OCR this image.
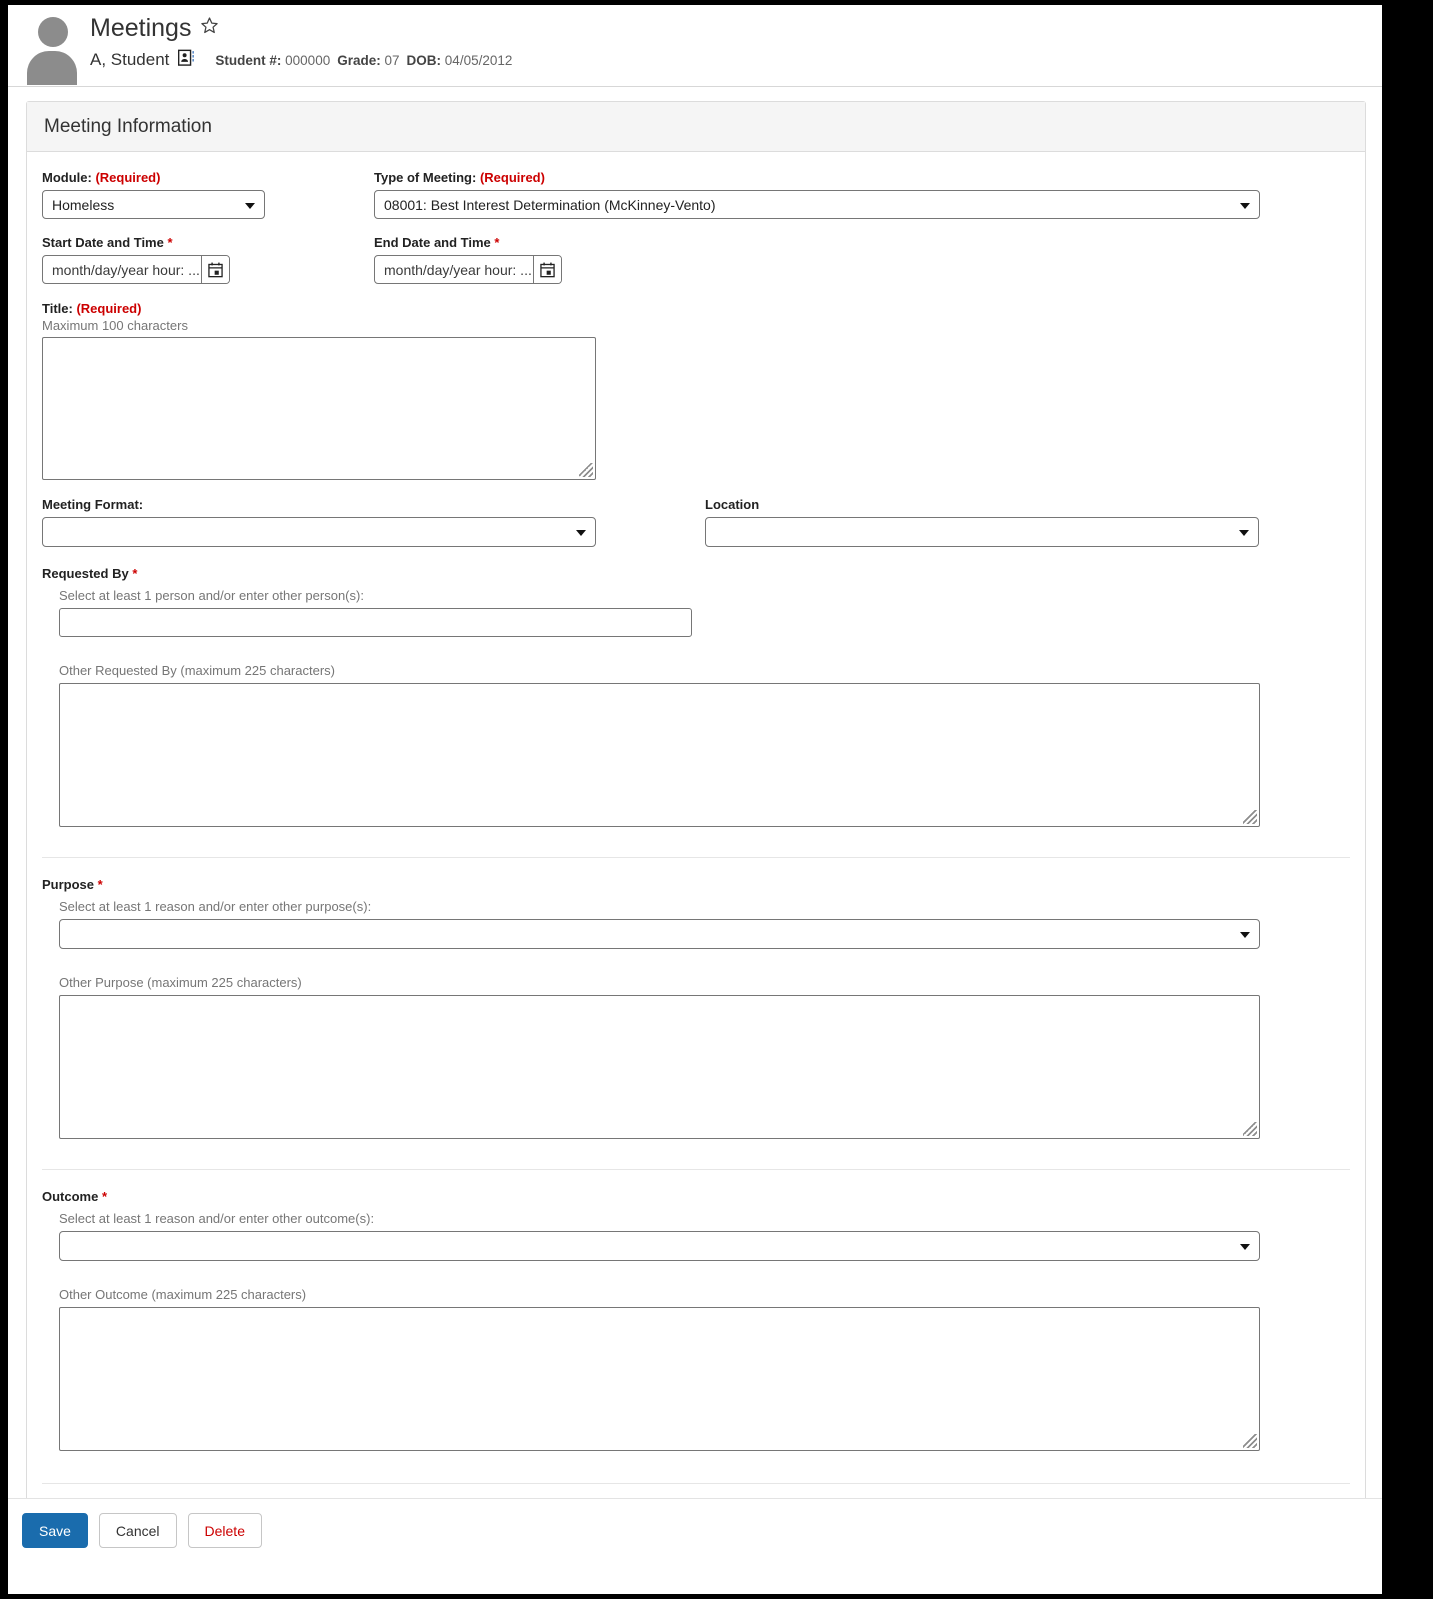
Meetings
A, Student	Student #: 000000 Grade: 07 DOB: 04/05/2012
Meeting Information
Module: (Required)
Homeless
Type of Meeting: (Required)
08001: Best Interest Determination (McKinney-Vento)
Start Date and Time *
month/day/year hour: ...
End Date and Time *
month/day/year hour: ...
Title: (Required)
Maximum 100 characters
Meeting Format:	Location
Requested By *
Select at least 1 person and/or enter other person(s):
Other Requested By (maximum 225 characters)
Purpose *
Select at least 1 reason and/or enter other purpose(s):
Other Purpose (maximum 225 characters)
Outcome *
Select at least 1 reason and/or enter other outcome(s):
Other Outcome (maximum 225 characters)
Save	Cancel	Delete
